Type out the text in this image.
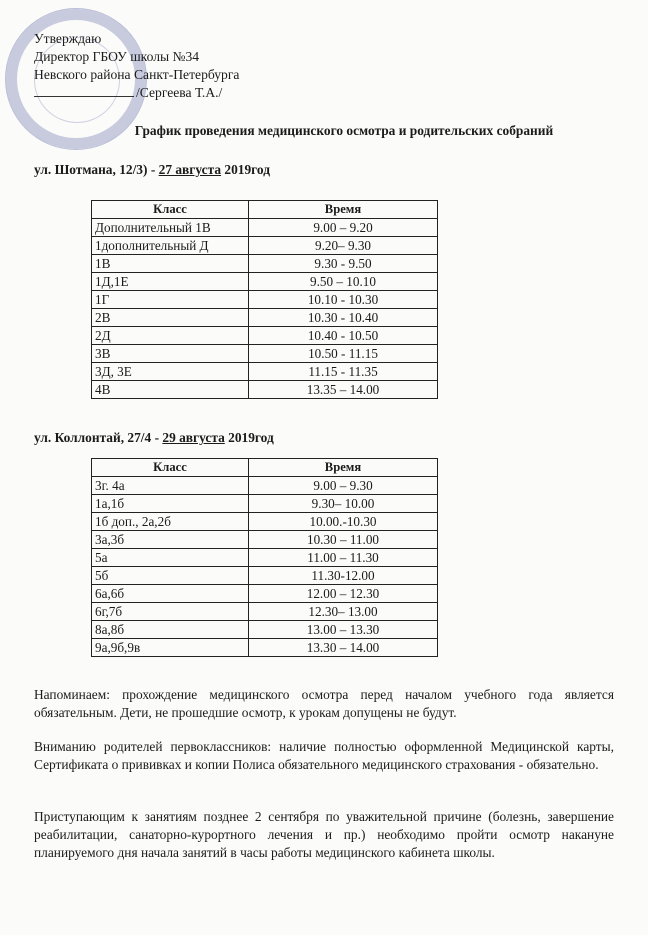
Утверждаю
Директор ГБОУ школы №34
Невского района Санкт-Петербурга
/Сергеева Т.А./
График проведения медицинского осмотра и родительских собраний
ул. Шотмана, 12/3) - 27 августа 2019год
Класс	Время
Дополнительный 1В	9.00 – 9.20
1дополнительный Д	9.20– 9.30
1В	9.30 - 9.50
1Д,1Е	9.50 – 10.10
1Г	10.10 - 10.30
2В	10.30 - 10.40
2Д	10.40 - 10.50
3В	10.50 - 11.15
3Д, 3Е	11.15 - 11.35
4В	13.35 – 14.00
ул. Коллонтай, 27/4 - 29 августа 2019год
Класс	Время
3г. 4а	9.00 – 9.30
1а,1б	9.30– 10.00
1б доп., 2а,2б	10.00.-10.30
3а,3б	10.30 – 11.00
5а	11.00 – 11.30
5б	11.30-12.00
6а,6б	12.00 – 12.30
6г,7б	12.30– 13.00
8а,8б	13.00 – 13.30
9а,9б,9в	13.30 – 14.00

Напоминаем: прохождение медицинского осмотра перед началом учебного года является обязательным. Дети, не прошедшие осмотр, к урокам допущены не будут.

Вниманию родителей первоклассников: наличие полностью оформленной Медицинской карты, Сертификата о прививках и копии Полиса обязательного медицинского страхования - обязательно.

Приступающим к занятиям позднее 2 сентября по уважительной причине (болезнь, завершение реабилитации, санаторно-курортного лечения и пр.) необходимо пройти осмотр накануне планируемого дня начала занятий в часы работы медицинского кабинета школы.
